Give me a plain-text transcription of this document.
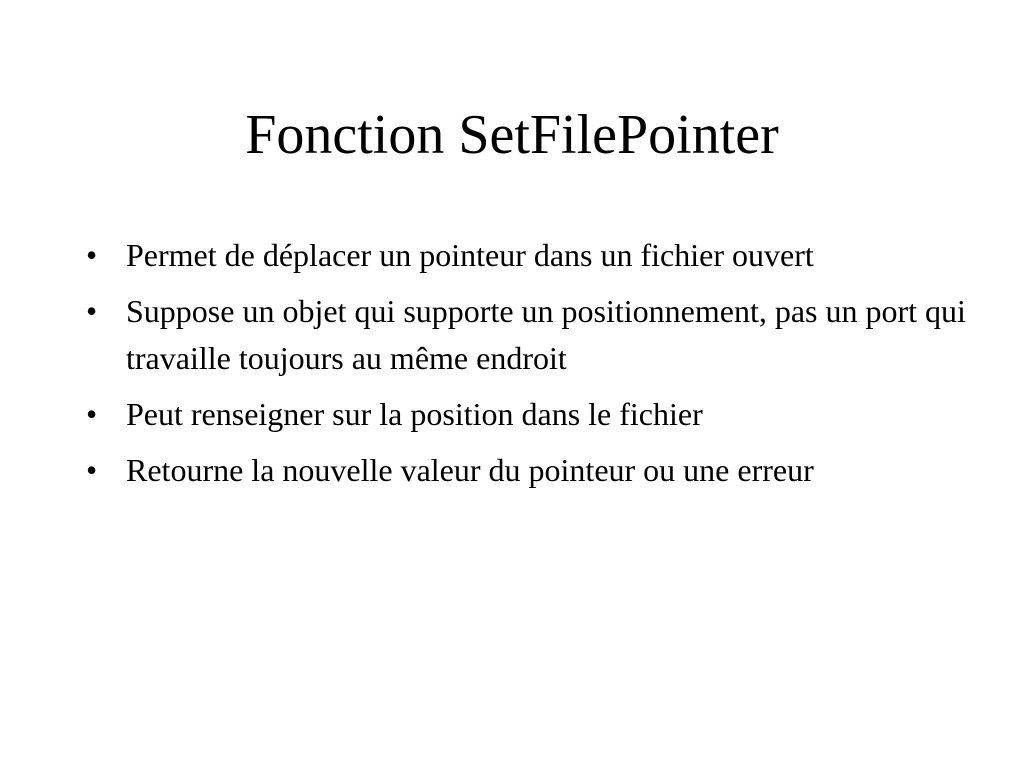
Fonction SetFilePointer
• Permet de déplacer un pointeur dans un fichier ouvert
• Suppose un objet qui supporte un positionnement, pas un port qui travaille toujours au même endroit
• Peut renseigner sur la position dans le fichier
• Retourne la nouvelle valeur du pointeur ou une erreur
